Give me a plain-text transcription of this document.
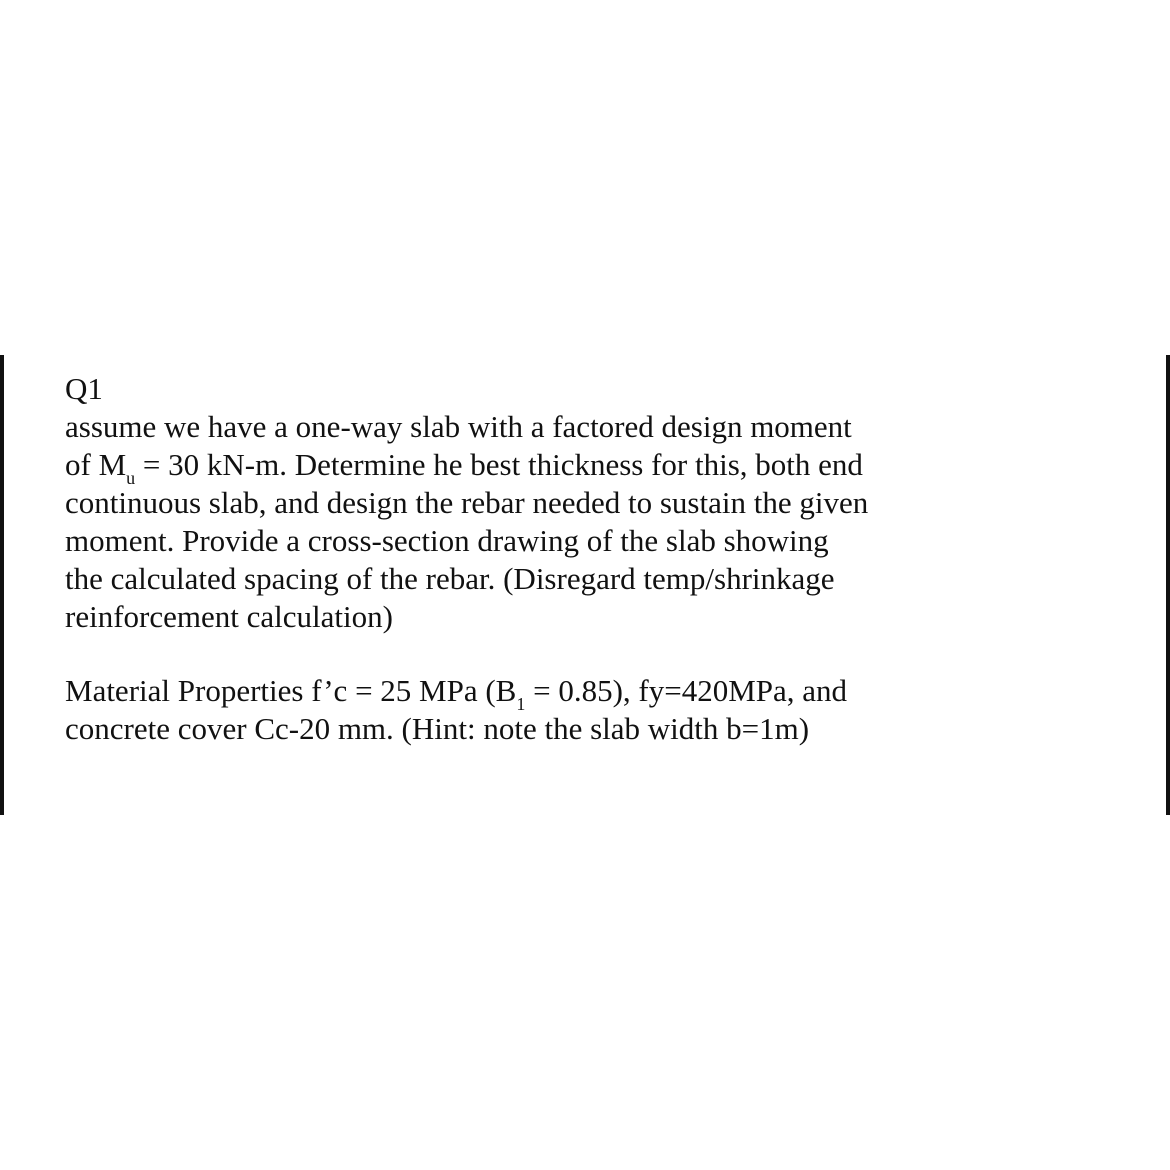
Q1

assume we have a one-way slab with a factored design moment
of $M_u = 30$ kN-m. Determine he best thickness for this, both end
continuous slab, and design the rebar needed to sustain the given
moment. Provide a cross-section drawing of the slab showing
the calculated spacing of the rebar. (Disregard temp/shrinkage
reinforcement calculation)

Material Properties f’c = 25 MPa $(B_1 = 0.85)$, fy=420MPa, and
concrete cover Cc-20 mm. (Hint: note the slab width b=1m)
